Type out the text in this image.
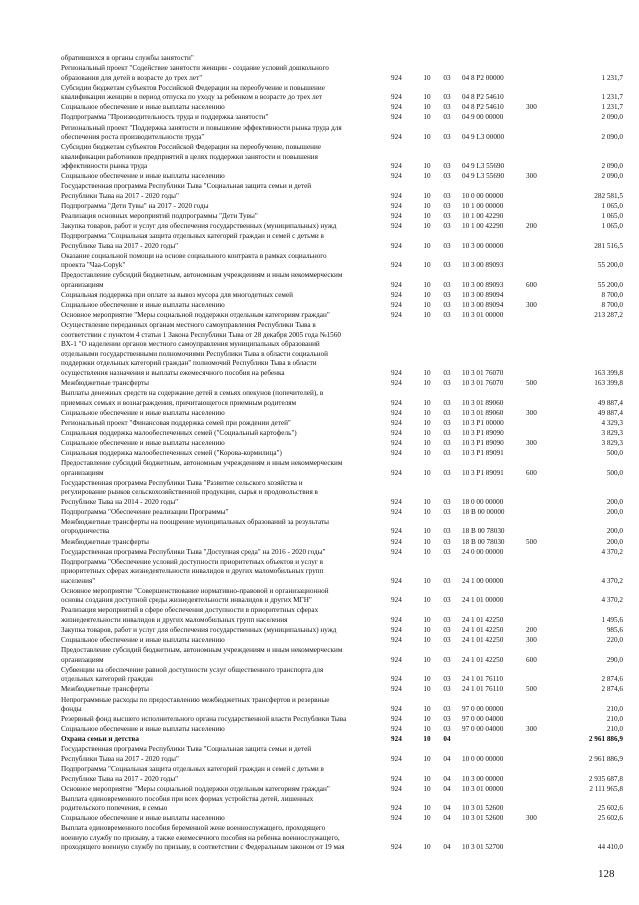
обратившихся в органы службы занятости"
Региональный проект "Содействие занятости женщин - создание условий дошкольного
образования для детей в возрасте до трех лет"	924	10	03	04 8 P2 00000	1 231,7
Субсидии бюджетам субъектов Российской Федерации на переобучение и повышение
квалификации женщин в период отпуска по уходу за ребенком в возрасте до трех лет	924	10	03	04 8 P2 54610	1 231,7
Социальное обеспечение и иные выплаты населению	924	10	03	04 8 P2 54610	300	1 231,7
Подпрограмма "Производительность труда и поддержка занятости"	924	10	03	04 9 00 00000	2 090,0
Региональный проект "Поддержка занятости и повышение эффективности рынка труда для
обеспечения роста производительности труда"	924	10	03	04 9 L3 00000	2 090,0
Субсидии бюджетам субъектов Российской Федерации на переобучение, повышение
квалификации работников предприятий в целях поддержки занятости и повышения
эффективности рынка труда	924	10	03	04 9 L3 55690	2 090,0
Социальное обеспечение и иные выплаты населению	924	10	03	04 9 L3 55690	300	2 090,0
Государственная программа Республики Тыва "Социальная защита семьи и детей
Республики Тыва на 2017 - 2020 годы"	924	10	03	10 0 00 00000	282 581,5
Подпрограмма "Дети Тувы" на 2017 - 2020 годы	924	10	03	10 1 00 00000	1 065,0
Реализация основных мероприятий подпрограммы "Дети Тувы"	924	10	03	10 1 00 42290	1 065,0
Закупка товаров, работ и услуг для обеспечения государственных (муниципальных) нужд	924	10	03	10 1 00 42290	200	1 065,0
Подпрограмма "Социальная защита отдельных категорий граждан и семей с детьми в
Республике Тыва на 2017 - 2020 годы"	924	10	03	10 3 00 00000	281 516,5
Оказание социальной помощи на основе социального контракта в рамках социального
проекта "Чаа-Соруk"	924	10	03	10 3 00 89093	55 200,0
Предоставление субсидий бюджетным, автономным учреждениям и иным некоммерческим
организациям	924	10	03	10 3 00 89093	600	55 200,0
Социальная поддержка при оплате за вывоз мусора для многодетных семей	924	10	03	10 3 00 89094	8 700,0
Социальное обеспечение и иные выплаты населению	924	10	03	10 3 00 89094	300	8 700,0
Основное мероприятие "Меры социальной поддержки отдельным категориям граждан"	924	10	03	10 3 01 00000	213 287,2
Осуществление переданных органам местного самоуправления Республики Тыва в
соответствии с пунктом 4 статьи 1 Закона Республики Тыва от 28 декабря 2005 года №1560
ВХ-1 "О наделении органов местного самоуправления муниципальных образований
отдельными государственными полномочиями Республики Тыва в области социальной
поддержки отдельных категорий граждан" полномочий Республики Тыва в области
осуществления назначения и выплаты ежемесячного пособия на ребенка	924	10	03	10 3 01 76070	163 399,8
Межбюджетные трансферты	924	10	03	10 3 01 76070	500	163 399,8
Выплаты денежных средств на содержание детей в семьях опекунов (попечителей), в
приемных семьях и вознаграждения, причитающегося приемным родителям	924	10	03	10 3 01 89060	49 887,4
Социальное обеспечение и иные выплаты населению	924	10	03	10 3 01 89060	300	49 887,4
Региональный проект "Финансовая поддержка семей при рождении детей"	924	10	03	10 3 P1 00000	4 329,3
Социальная поддержка малообеспеченных семей ("Социальный картофель")	924	10	03	10 3 P1 89090	3 829,3
Социальное обеспечение и иные выплаты населению	924	10	03	10 3 P1 89090	300	3 829,3
Социальная поддержка малообеспеченных семей ("Корова-кормилица")	924	10	03	10 3 P1 89091	500,0
Предоставление субсидий бюджетным, автономным учреждениям и иным некоммерческим
организациям	924	10	03	10 3 P1 89091	600	500,0
Государственная программа Республики Тыва "Развитие сельского хозяйства и
регулирование рынков сельскохозяйственной продукции, сырья и продовольствия в
Республике Тыва на 2014 - 2020 годы"	924	10	03	18 0 00 00000	200,0
Подпрограмма "Обеспечение реализации Программы"	924	10	03	18 B 00 00000	200,0
Межбюджетные трансферты на поощрение муниципальных образований за результаты
огородничества	924	10	03	18 B 00 78030	200,0
Межбюджетные трансферты	924	10	03	18 B 00 78030	500	200,0
Государственная программа Республики Тыва "Доступная среда" на 2016 - 2020 годы"	924	10	03	24 0 00 00000	4 370,2
Подпрограмма "Обеспечение условий доступности приоритетных объектов и услуг в
приоритетных сферах жизнедеятельности инвалидов и других маломобильных групп
населения"	924	10	03	24 1 00 00000	4 370,2
Основное мероприятие "Совершенствование нормативно-правовой и организационной
основы создания доступной среды жизнедеятельности инвалидов и других МГН"	924	10	03	24 1 01 00000	4 370,2
Реализация мероприятий в сфере обеспечения доступности в приоритетных сферах
жизнедеятельности инвалидов и других маломобильных групп населения	924	10	03	24 1 01 42250	1 495,6
Закупка товаров, работ и услуг для обеспечения государственных (муниципальных) нужд	924	10	03	24 1 01 42250	200	985,6
Социальное обеспечение и иные выплаты населению	924	10	03	24 1 01 42250	300	220,0
Предоставление субсидий бюджетным, автономным учреждениям и иным некоммерческим
организациям	924	10	03	24 1 01 42250	600	290,0
Субвенции на обеспечение равной доступности услуг общественного транспорта для
отдельных категорий граждан	924	10	03	24 1 01 76110	2 874,6
Межбюджетные трансферты	924	10	03	24 1 01 76110	500	2 874,6
Непрограммные расходы по предоставлению межбюджетных трансфертов и резервные
фонды	924	10	03	97 0 00 00000	210,0
Резервный фонд высшего исполнительного органа государственной власти Республики Тыва	924	10	03	97 0 00 04000	210,0
Социальное обеспечение и иные выплаты населению	924	10	03	97 0 00 04000	300	210,0
Охрана семьи и детства	924	10	04	2 961 886,9
Государственная программа Республики Тыва "Социальная защита семьи и детей
Республики Тыва на 2017 - 2020 годы"	924	10	04	10 0 00 00000	2 961 886,9
Подпрограмма "Социальная защита отдельных категорий граждан и семей с детьми в
Республике Тыва на 2017 - 2020 годы"	924	10	04	10 3 00 00000	2 935 687,8
Основное мероприятие "Меры социальной поддержки отдельным категориям граждан"	924	10	04	10 3 01 00000	2 111 965,8
Выплата единовременного пособия при всех формах устройства детей, лишенных
родительского попечения, в семью	924	10	04	10 3 01 52600	25 602,6
Социальное обеспечение и иные выплаты населению	924	10	04	10 3 01 52600	300	25 602,6
Выплата единовременного пособия беременной жене военнослужащего, проходящего
военную службу по призыву, а также ежемесячного пособия на ребенка военнослужащего,
проходящего военную службу по призыву, в соответствии с Федеральным законом от 19 мая	924	10	04	10 3 01 52700	44 410,0
128
